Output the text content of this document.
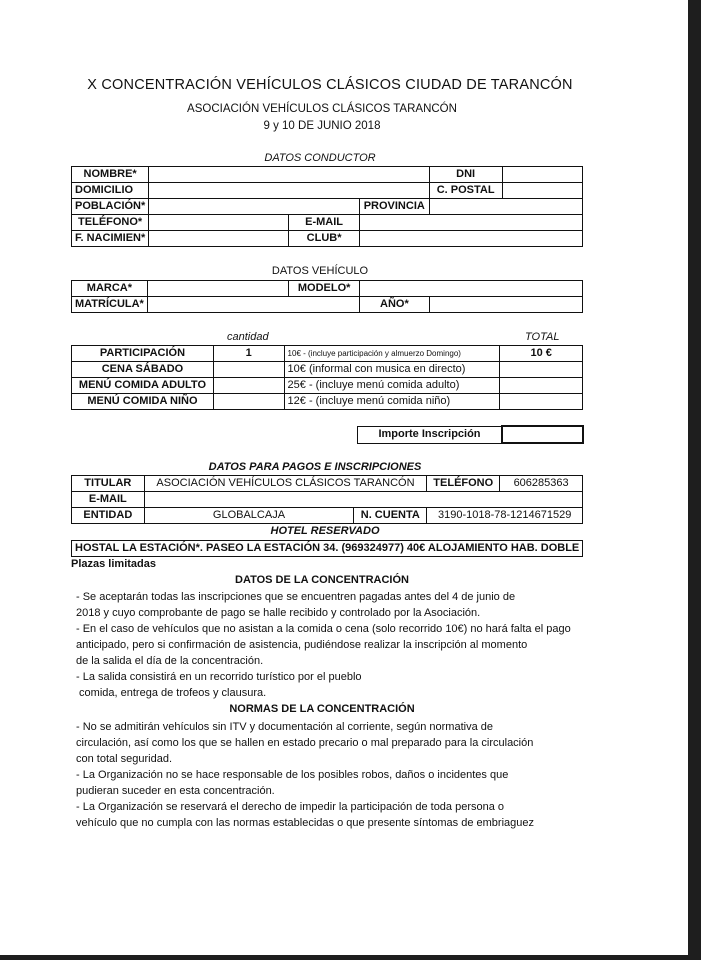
X CONCENTRACIÓN VEHÍCULOS CLÁSICOS CIUDAD DE TARANCÓN
ASOCIACIÓN VEHÍCULOS CLÁSICOS TARANCÓN
9 y 10 DE JUNIO 2018
DATOS CONDUCTOR
NOMBRE*				DNI	
DOMICILIO				C. POSTAL	
POBLACIÓN*			PROVINCIA		
TELÉFONO*		E-MAIL			
F. NACIMIEN*		CLUB*			
DATOS VEHÍCULO
MARCA*		MODELO*		
MATRÍCULA*			AÑO*	
cantidad	TOTAL
PARTICIPACIÓN	1	10€ - (incluye participación y almuerzo Domingo)	10 €
CENA SÁBADO		10€ (informal con musica en directo)	
MENÚ COMIDA ADULTO		25€ - (incluye menú comida adulto)	
MENÚ COMIDA NIÑO		12€ - (incluye menú comida niño)	
Importe Inscripción	
DATOS PARA PAGOS E INSCRIPCIONES
TITULAR	ASOCIACIÓN VEHÍCULOS CLÁSICOS TARANCÓN		TELÉFONO	606285363
E-MAIL				
ENTIDAD	GLOBALCAJA	N. CUENTA	3190-1018-78-1214671529	
HOTEL RESERVADO
HOSTAL LA ESTACIÓN*. PASEO LA ESTACIÓN 34. (969324977) 40€ ALOJAMIENTO HAB. DOBLE
Plazas limitadas
DATOS DE LA CONCENTRACIÓN
- Se aceptarán todas las inscripciones que se encuentren pagadas antes del 4 de junio de
2018 y cuyo comprobante de pago se halle recibido y controlado por la Asociación.
- En el caso de vehículos que no asistan a la comida o cena (solo recorrido 10€) no hará falta el pago
anticipado, pero si confirmación de asistencia, pudiéndose realizar la inscripción al momento
de la salida el día de la concentración.
- La salida consistirá en un recorrido turístico por el pueblo
comida, entrega de trofeos y clausura.
NORMAS DE LA CONCENTRACIÓN
- No se admitirán vehículos sin ITV y documentación al corriente, según normativa de
circulación, así como los que se hallen en estado precario o mal preparado para la circulación
con total seguridad.
- La Organización no se hace responsable de los posibles robos, daños o incidentes que
pudieran suceder en esta concentración.
- La Organización se reservará el derecho de impedir la participación de toda persona o
vehículo que no cumpla con las normas establecidas o que presente síntomas de embriaguez
